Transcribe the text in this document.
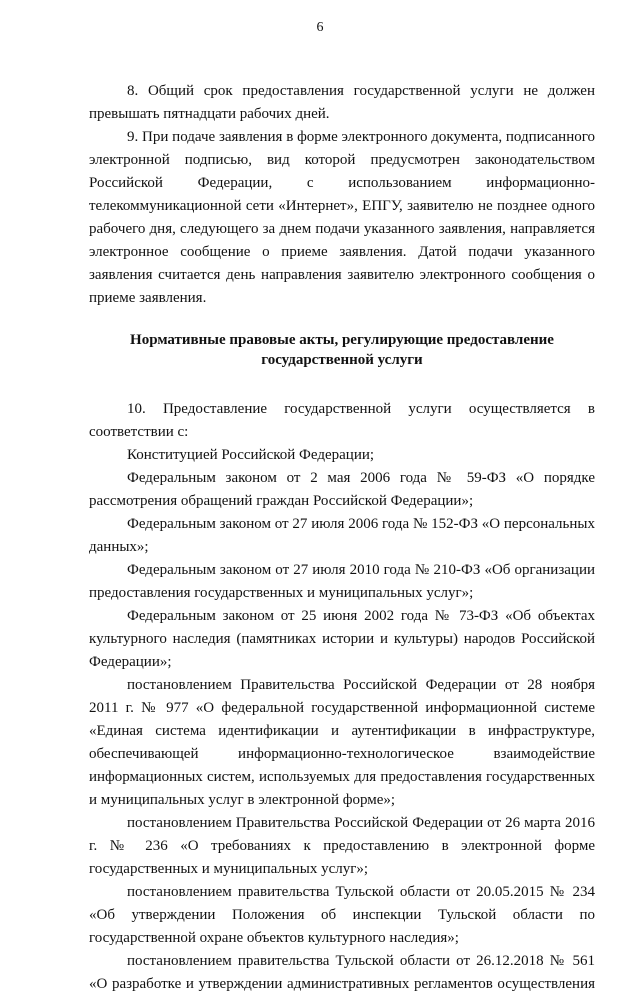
6

8. Общий срок предоставления государственной услуги не должен превышать пятнадцати рабочих дней.

9. При подаче заявления в форме электронного документа, подписанного электронной подписью, вид которой предусмотрен законодательством Российской Федерации, с использованием информационно-телекоммуникационной сети «Интернет», ЕПГУ, заявителю не позднее одного рабочего дня, следующего за днем подачи указанного заявления, направляется электронное сообщение о приеме заявления. Датой подачи указанного заявления считается день направления заявителю электронного сообщения о приеме заявления.

Нормативные правовые акты, регулирующие предоставление
государственной услуги

10. Предоставление государственной услуги осуществляется в соответствии с:

Конституцией Российской Федерации;

Федеральным законом от 2 мая 2006 года № 59-ФЗ «О порядке рассмотрения обращений граждан Российской Федерации»;

Федеральным законом от 27 июля 2006 года № 152-ФЗ «О персональных данных»;

Федеральным законом от 27 июля 2010 года № 210-ФЗ «Об организации предоставления государственных и муниципальных услуг»;

Федеральным законом от 25 июня 2002 года № 73-ФЗ «Об объектах культурного наследия (памятниках истории и культуры) народов Российской Федерации»;

постановлением Правительства Российской Федерации от 28 ноября 2011 г. № 977 «О федеральной государственной информационной системе «Единая система идентификации и аутентификации в инфраструктуре, обеспечивающей информационно-технологическое взаимодействие информационных систем, используемых для предоставления государственных и муниципальных услуг в электронной форме»;

постановлением Правительства Российской Федерации от 26 марта 2016 г. № 236 «О требованиях к предоставлению в электронной форме государственных и муниципальных услуг»;

постановлением правительства Тульской области от 20.05.2015 № 234 «Об утверждении Положения об инспекции Тульской области по государственной охране объектов культурного наследия»;

постановлением правительства Тульской области от 26.12.2018 № 561 «О разработке и утверждении административных регламентов осуществления
